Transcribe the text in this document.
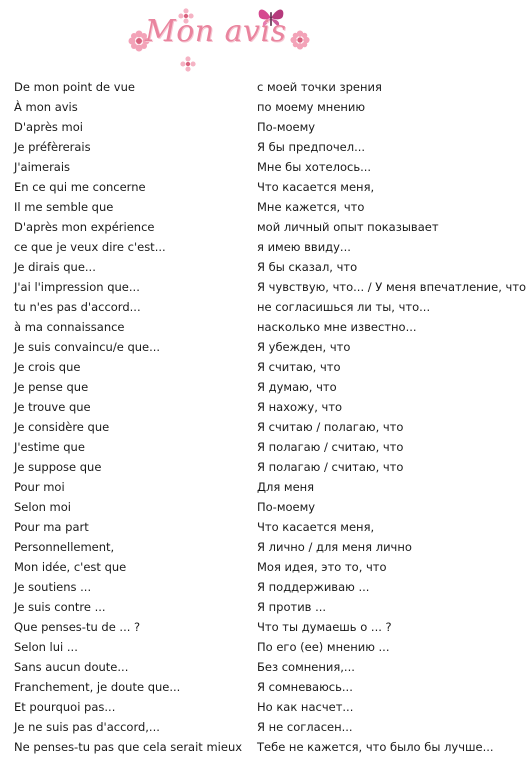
Mon avis
De mon point de vue	с моей точки зрения
À mon avis	по моему мнению
D'après moi	По-моему
Je préfèrerais	Я бы предпочел...
J'aimerais	Мне бы хотелось...
En ce qui me concerne	Что касается меня,
Il me semble que	Мне кажется, что
D'après mon expérience	мой личный опыт показывает
ce que je veux dire c'est...	я имею ввиду...
Je dirais que...	Я бы сказал, что
J'ai l'impression que...	Я чувствую, что... / У меня впечатление, что
tu n'es pas d'accord...	не согласишься ли ты, что...
à ma connaissance	насколько мне известно...
Je suis convaincu/e que...	Я убежден, что
Je crois que	Я считаю, что
Je pense que	Я думаю, что
Je trouve que	Я нахожу, что
Je considère que	Я считаю / полагаю, что
J'estime que	Я полагаю / считаю, что
Je suppose que	Я полагаю / считаю, что
Pour moi	Для меня
Selon moi	По-моему
Pour ma part	Что касается меня,
Personnellement,	Я лично / для меня лично
Mon idée, c'est que	Моя идея, это то, что
Je soutiens ...	Я поддерживаю ...
Je suis contre ...	Я против ...
Que penses-tu de ... ?	Что ты думаешь о ... ?
Selon lui ...	По его (ее) мнению ...
Sans aucun doute...	Без сомнения,...
Franchement, je doute que...	Я сомневаюсь...
Et pourquoi pas...	Но как насчет...
Je ne suis pas d'accord,...	Я не согласен...
Ne penses-tu pas que cela serait mieux Тебе не кажется, что было бы лучше...
